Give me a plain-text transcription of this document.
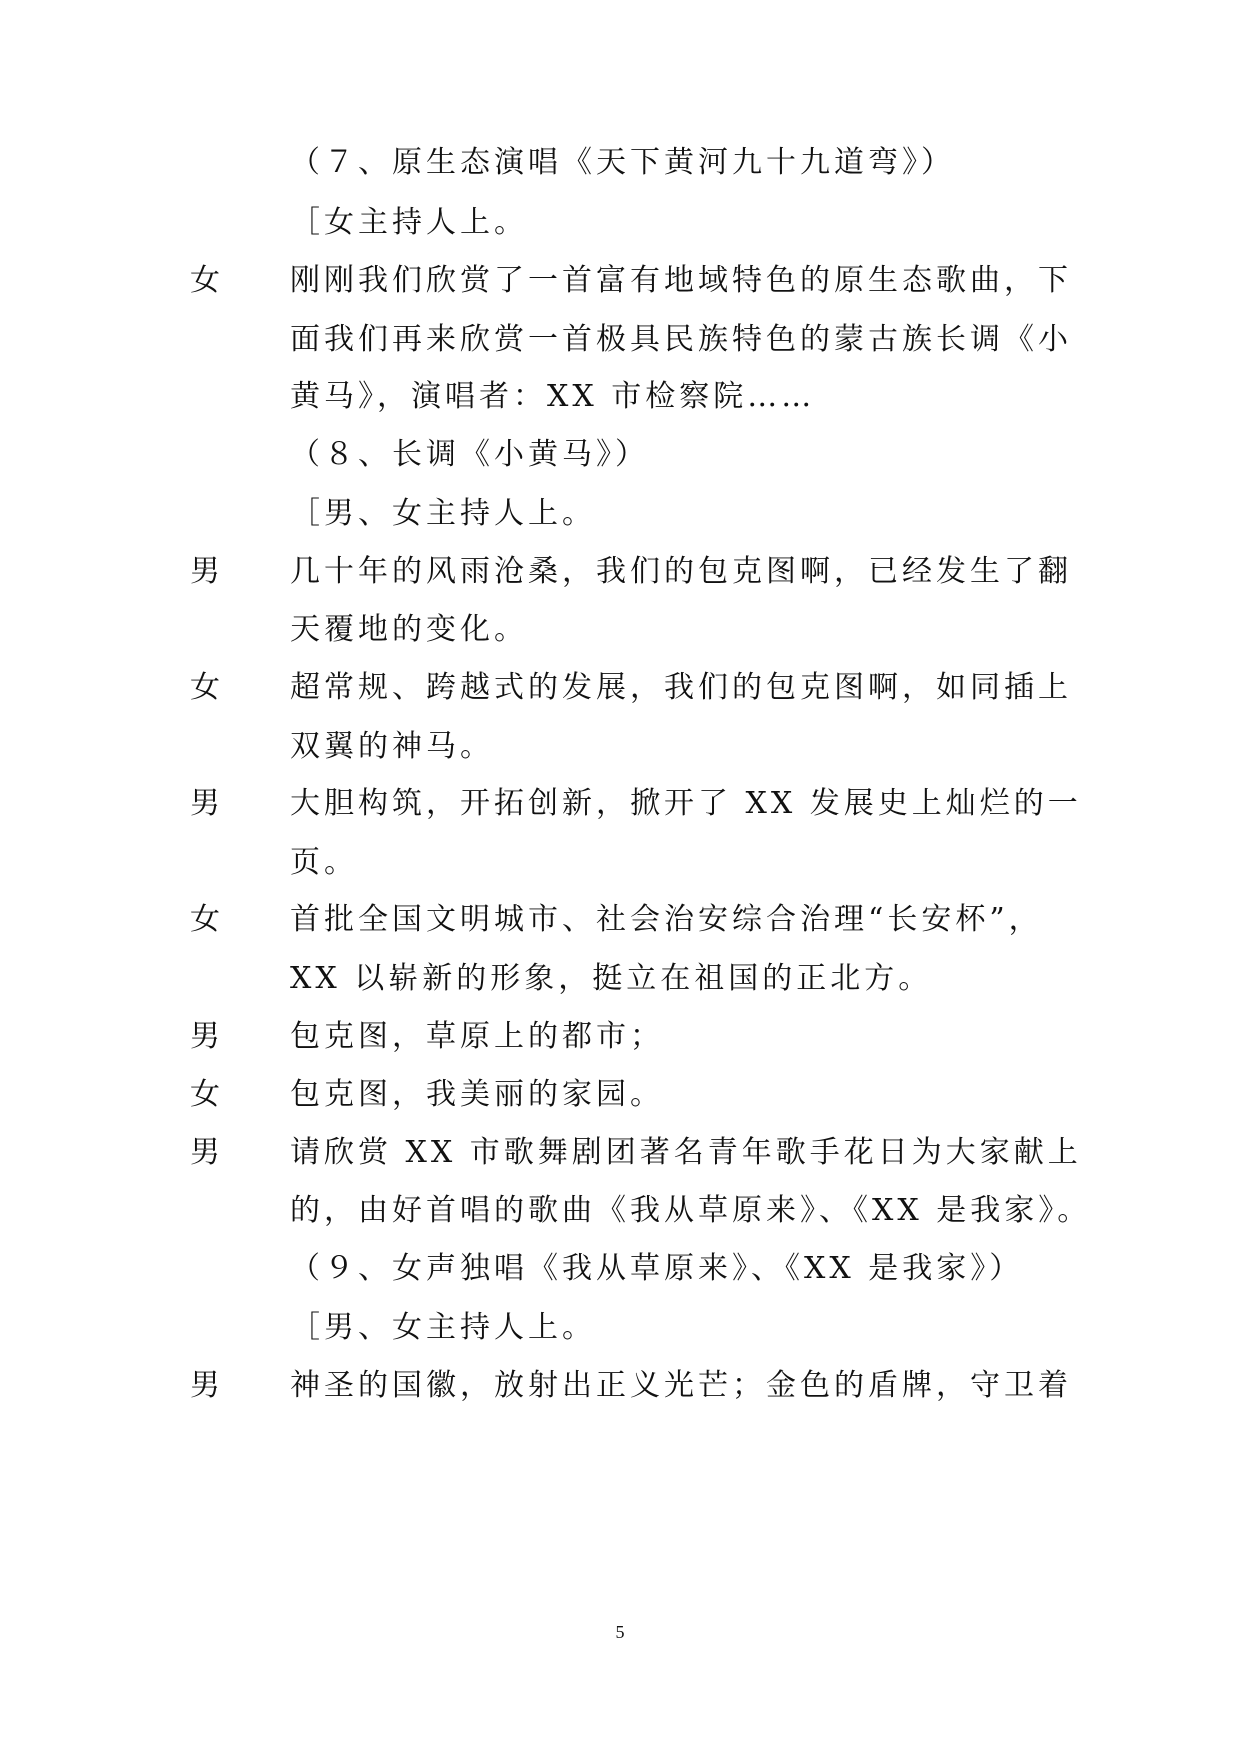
（７、原生态演唱《天下黄河九十九道弯》）
［女主持人上。
女 刚刚我们欣赏了一首富有地域特色的原生态歌曲，下
面我们再来欣赏一首极具民族特色的蒙古族长调《小
黄马》，演唱者：XX 市检察院……
（８、长调《小黄马》）
［男、女主持人上。
男 几十年的风雨沧桑，我们的包克图啊，已经发生了翻
天覆地的变化。
女 超常规、跨越式的发展，我们的包克图啊，如同插上
双翼的神马。
男 大胆构筑，开拓创新，掀开了 XX 发展史上灿烂的一
页。
女 首批全国文明城市、社会治安综合治理“长安杯”，
XX 以崭新的形象，挺立在祖国的正北方。
男 包克图，草原上的都市；
女 包克图，我美丽的家园。
男 请欣赏 XX 市歌舞剧团著名青年歌手花日为大家献上
的，由好首唱的歌曲《我从草原来》、《XX 是我家》。
（９、女声独唱《我从草原来》、《XX 是我家》）
［男、女主持人上。
男 神圣的国徽，放射出正义光芒；金色的盾牌，守卫着
5
